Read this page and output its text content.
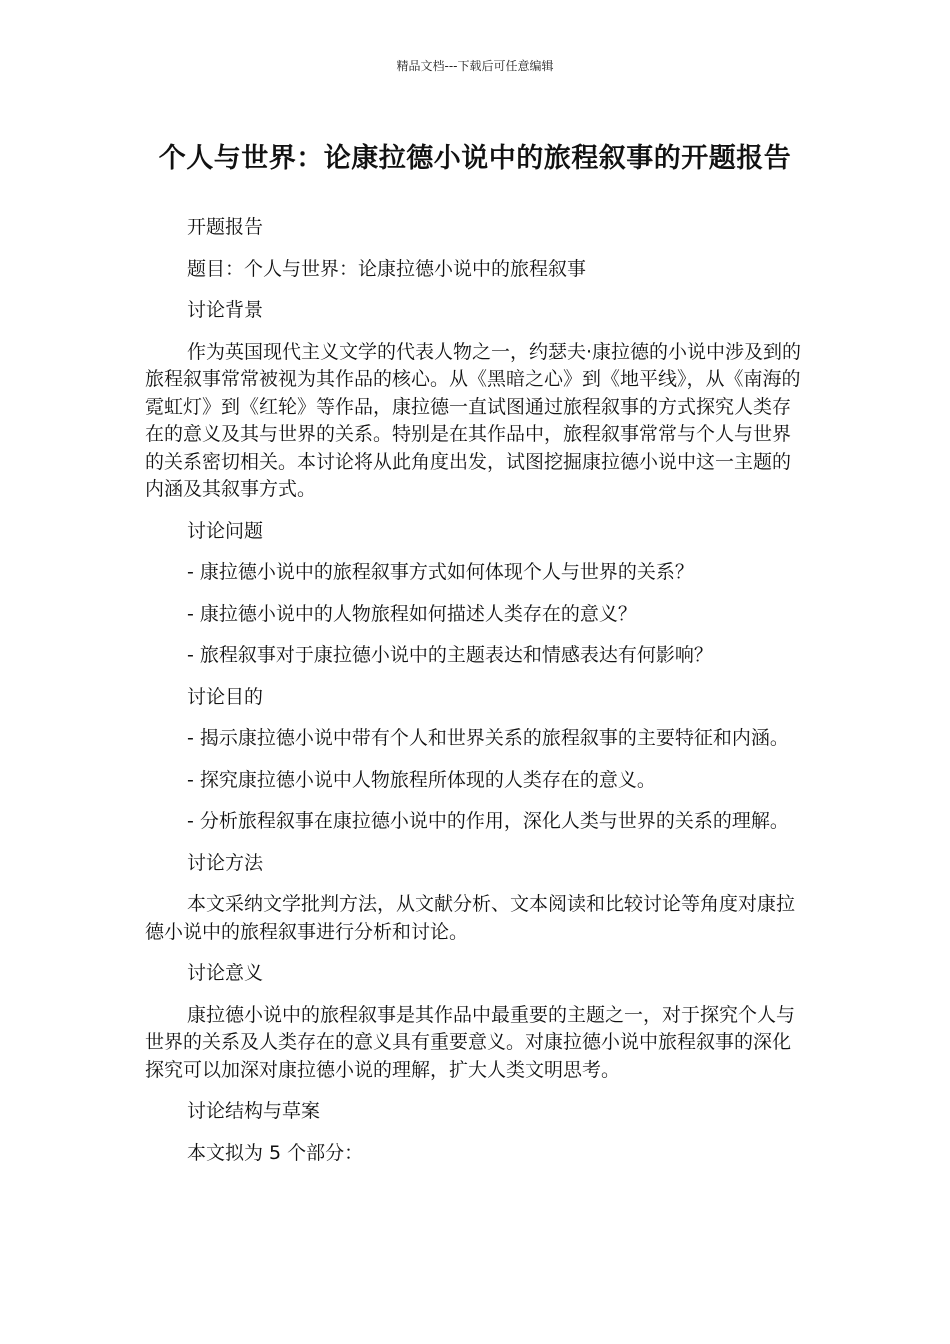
精品文档---下载后可任意编辑
个人与世界：论康拉德小说中的旅程叙事的开题报告

开题报告

题目：个人与世界：论康拉德小说中的旅程叙事

讨论背景

作为英国现代主义文学的代表人物之一，约瑟夫·康拉德的小说中涉及到的旅程叙事常常被视为其作品的核心。从《黑暗之心》到《地平线》，从《南海的霓虹灯》到《红轮》等作品，康拉德一直试图通过旅程叙事的方式探究人类存在的意义及其与世界的关系。特别是在其作品中，旅程叙事常常与个人与世界的关系密切相关。本讨论将从此角度出发，试图挖掘康拉德小说中这一主题的内涵及其叙事方式。

讨论问题

- 康拉德小说中的旅程叙事方式如何体现个人与世界的关系？

- 康拉德小说中的人物旅程如何描述人类存在的意义？

- 旅程叙事对于康拉德小说中的主题表达和情感表达有何影响？

讨论目的

- 揭示康拉德小说中带有个人和世界关系的旅程叙事的主要特征和内涵。

- 探究康拉德小说中人物旅程所体现的人类存在的意义。

- 分析旅程叙事在康拉德小说中的作用，深化人类与世界的关系的理解。

讨论方法

本文采纳文学批判方法，从文献分析、文本阅读和比较讨论等角度对康拉德小说中的旅程叙事进行分析和讨论。

讨论意义

康拉德小说中的旅程叙事是其作品中最重要的主题之一，对于探究个人与世界的关系及人类存在的意义具有重要意义。对康拉德小说中旅程叙事的深化探究可以加深对康拉德小说的理解，扩大人类文明思考。

讨论结构与草案

本文拟为 5 个部分：
